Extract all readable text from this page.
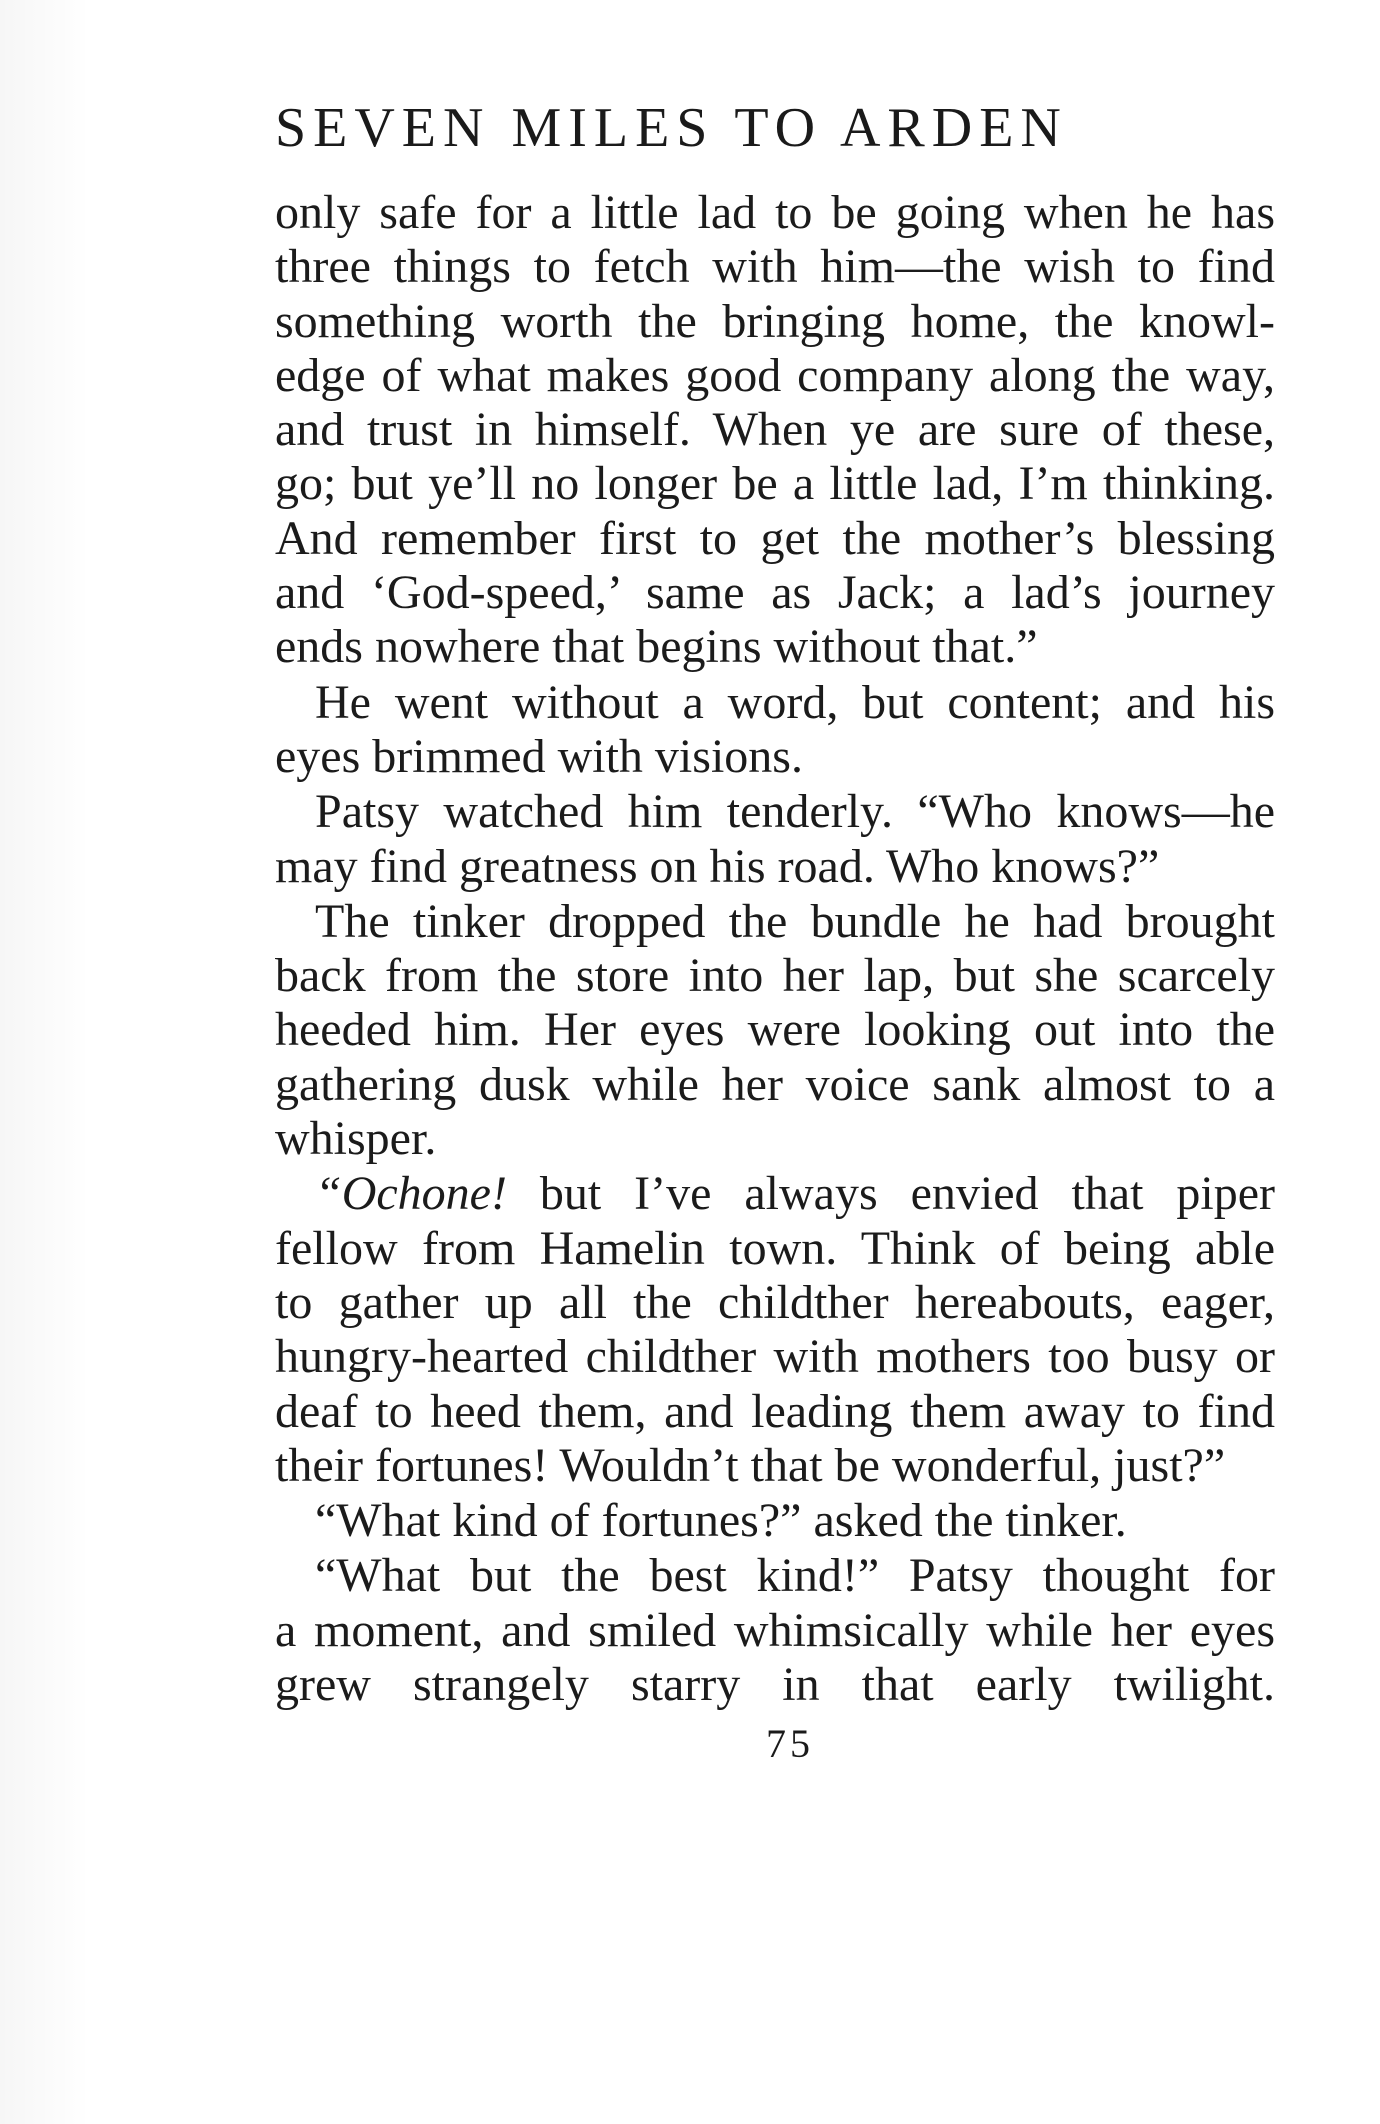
SEVEN MILES TO ARDEN
only safe for a little lad to be going when he has
three things to fetch with him—the wish to find
something worth the bringing home, the knowl-
edge of what makes good company along the way,
and trust in himself. When ye are sure of these,
go; but ye’ll no longer be a little lad, I’m thinking.
And remember first to get the mother’s blessing
and ‘God-speed,’ same as Jack; a lad’s journey
ends nowhere that begins without that.”
He went without a word, but content; and his
eyes brimmed with visions.
Patsy watched him tenderly. “Who knows—he
may find greatness on his road. Who knows?”
The tinker dropped the bundle he had brought
back from the store into her lap, but she scarcely
heeded him. Her eyes were looking out into the
gathering dusk while her voice sank almost to a
whisper.
“Ochone! but I’ve always envied that piper
fellow from Hamelin town. Think of being able
to gather up all the childther hereabouts, eager,
hungry-hearted childther with mothers too busy or
deaf to heed them, and leading them away to find
their fortunes! Wouldn’t that be wonderful, just?”
“What kind of fortunes?” asked the tinker.
“What but the best kind!” Patsy thought for
a moment, and smiled whimsically while her eyes
grew strangely starry in that early twilight.
75
